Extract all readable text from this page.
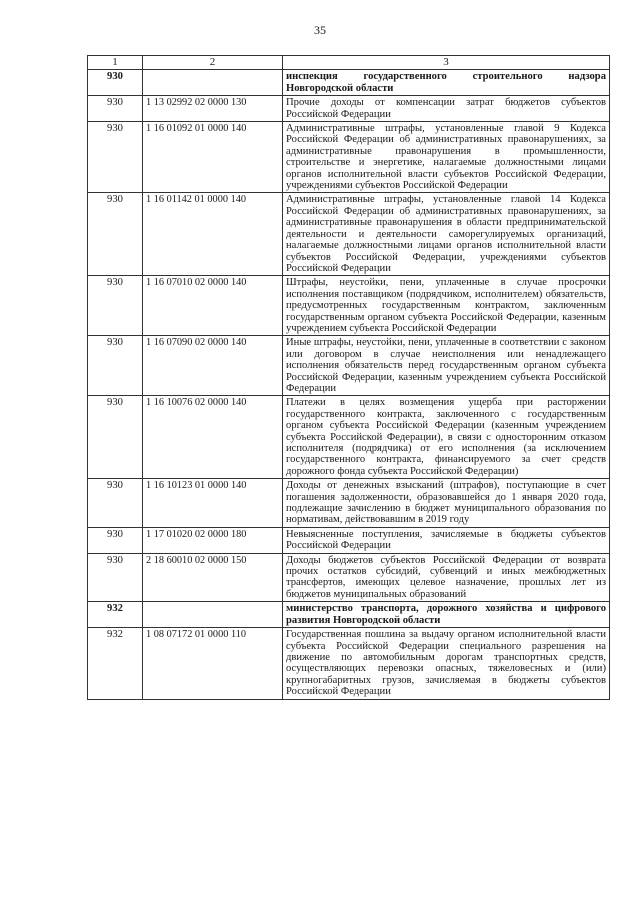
35
1	2	3
930		инспекция государственного строительного надзора Новгородской области
930	1 13 02992 02 0000 130	Прочие доходы от компенсации затрат бюджетов субъектов Российской Федерации
930	1 16 01092 01 0000 140	Административные штрафы, установленные главой 9 Кодекса Российской Федерации об административных правонарушениях, за административные правонарушения в промышленности, строительстве и энергетике, налагаемые должностными лицами органов исполнительной власти субъектов Российской Федерации, учреждениями субъектов Российской Федерации
930	1 16 01142 01 0000 140	Административные штрафы, установленные главой 14 Кодекса Российской Федерации об административных правонарушениях, за административные правонарушения в области предпринимательской деятельности и деятельности саморегулируемых организаций, налагаемые должностными лицами органов исполнительной власти субъектов Российской Федерации, учреждениями субъектов Российской Федерации
930	1 16 07010 02 0000 140	Штрафы, неустойки, пени, уплаченные в случае просрочки исполнения поставщиком (подрядчиком, исполнителем) обязательств, предусмотренных государственным контрактом, заключенным государственным органом субъекта Российской Федерации, казенным учреждением субъекта Российской Федерации
930	1 16 07090 02 0000 140	Иные штрафы, неустойки, пени, уплаченные в соответствии с законом или договором в случае неисполнения или ненадлежащего исполнения обязательств перед государственным органом субъекта Российской Федерации, казенным учреждением субъекта Российской Федерации
930	1 16 10076 02 0000 140	Платежи в целях возмещения ущерба при расторжении государственного контракта, заключенного с государственным органом субъекта Российской Федерации (казенным учреждением субъекта Российской Федерации), в связи с односторонним отказом исполнителя (подрядчика) от его исполнения (за исключением государственного контракта, финансируемого за счет средств дорожного фонда субъекта Российской Федерации)
930	1 16 10123 01 0000 140	Доходы от денежных взысканий (штрафов), поступающие в счет погашения задолженности, образовавшейся до 1 января 2020 года, подлежащие зачислению в бюджет муниципального образования по нормативам, действовавшим в 2019 году
930	1 17 01020 02 0000 180	Невыясненные поступления, зачисляемые в бюджеты субъектов Российской Федерации
930	2 18 60010 02 0000 150	Доходы бюджетов субъектов Российской Федерации от возврата прочих остатков субсидий, субвенций и иных межбюджетных трансфертов, имеющих целевое назначение, прошлых лет из бюджетов муниципальных образований
932		министерство транспорта, дорожного хозяйства и цифрового развития Новгородской области
932	1 08 07172 01 0000 110	Государственная пошлина за выдачу органом исполнительной власти субъекта Российской Федерации специального разрешения на движение по автомобильным дорогам транспортных средств, осуществляющих перевозки опасных, тяжеловесных и (или) крупногабаритных грузов, зачисляемая в бюджеты субъектов Российской Федерации
